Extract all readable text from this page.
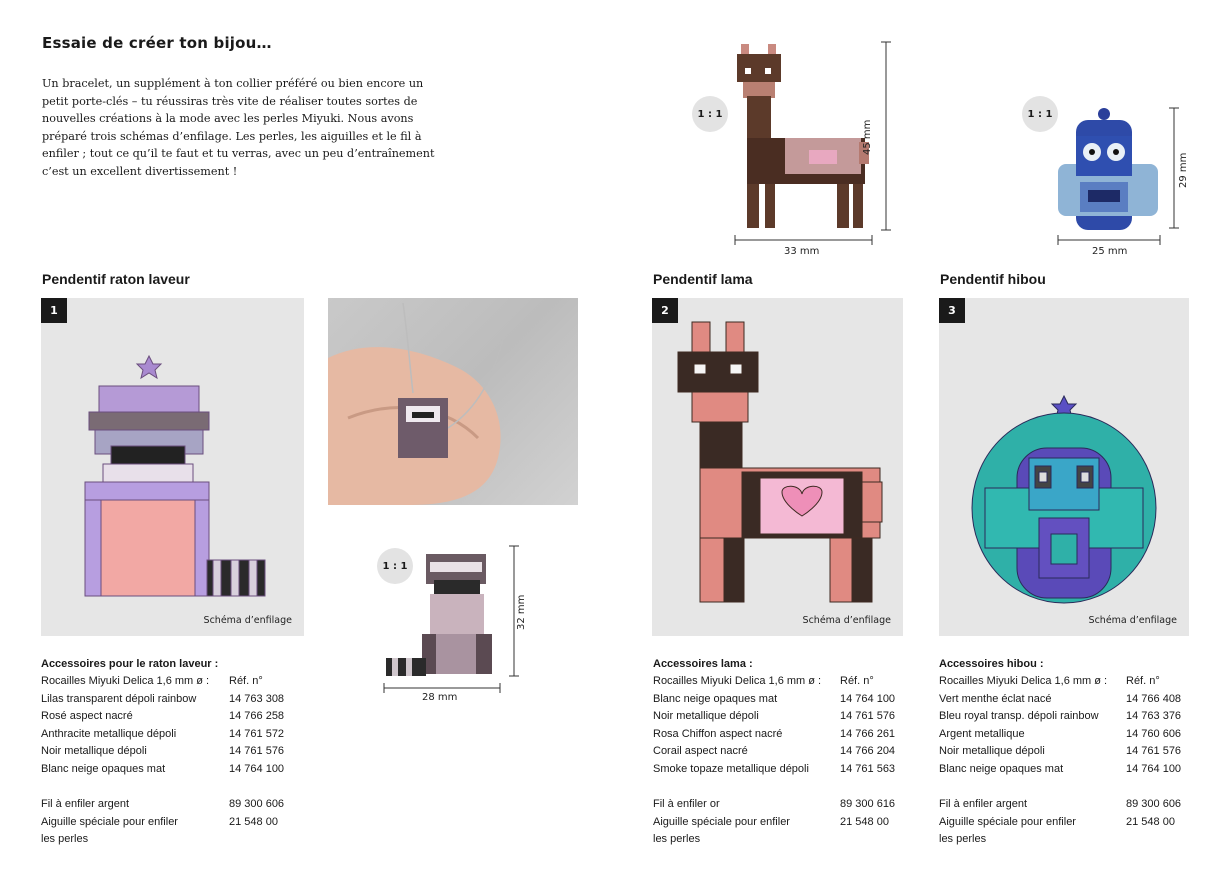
Essaie de créer ton bijou…
Un bracelet, un supplément à ton collier préféré ou bien encore un petit porte-clés – tu réussiras très vite de réaliser toutes sortes de nouvelles créations à la mode avec les perles Miyuki. Nous avons préparé trois schémas d’enfilage. Les perles, les aiguilles et le fil à enfiler ; tout ce qu’il te faut et tu verras, avec un peu d’entraînement c’est un excellent divertissement !
1 : 1
45 mm
33 mm
1 : 1
29 mm
25 mm
Pendentif raton laveur	Pendentif lama	Pendentif hibou
1
Schéma d’enfilage
1 : 1
32 mm
28 mm
2
Schéma d’enfilage
3
Schéma d’enfilage
Accessoires pour le raton laveur :
Rocailles Miyuki Delica 1,6 mm ø :	Réf. n°
Lilas transparent dépoli rainbow	14 763 308
Rosé aspect nacré	14 766 258
Anthracite metallique dépoli	14 761 572
Noir metallique dépoli	14 761 576
Blanc neige opaques mat	14 764 100

Fil à enfiler argent	89 300 606
Aiguille spéciale pour enfiler	21 548 00
les perles	
Accessoires lama :
Rocailles Miyuki Delica 1,6 mm ø :	Réf. n°
Blanc neige opaques mat	14 764 100
Noir metallique dépoli	14 761 576
Rosa Chiffon aspect nacré	14 766 261
Corail aspect nacré	14 766 204
Smoke topaze metallique dépoli	14 761 563

Fil à enfiler or	89 300 616
Aiguille spéciale pour enfiler	21 548 00
les perles	
Accessoires hibou :
Rocailles Miyuki Delica 1,6 mm ø :	Réf. n°
Vert menthe éclat nacé	14 766 408
Bleu royal transp. dépoli rainbow	14 763 376
Argent metallique	14 760 606
Noir metallique dépoli	14 761 576
Blanc neige opaques mat	14 764 100

Fil à enfiler argent	89 300 606
Aiguille spéciale pour enfiler	21 548 00
les perles	
